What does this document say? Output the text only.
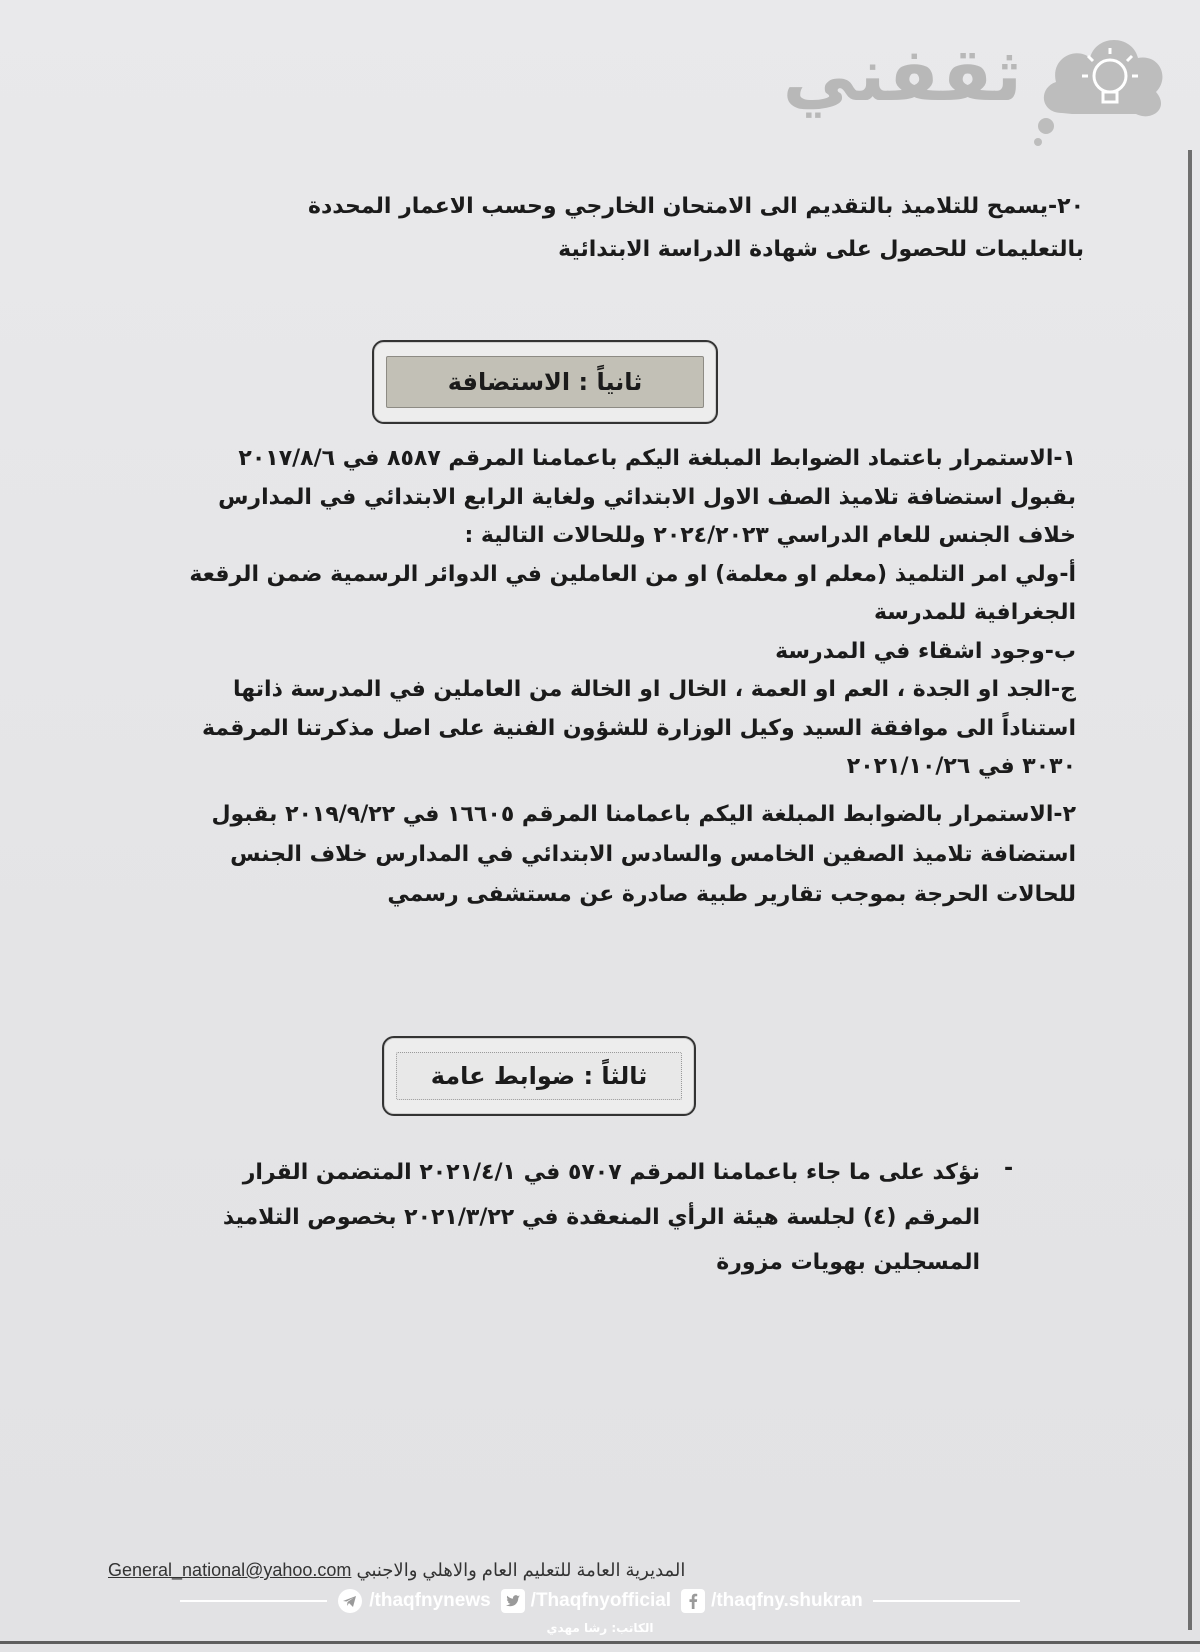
ثقفني
٢٠-يسمح للتلاميذ بالتقديم الى الامتحان الخارجي وحسب الاعمار المحددة
بالتعليمات للحصول على شهادة الدراسة الابتدائية
ثانياً : الاستضافة
١-الاستمرار باعتماد الضوابط المبلغة اليكم باعمامنا المرقم ٨٥٨٧ في ٢٠١٧/٨/٦
بقبول استضافة تلاميذ الصف الاول الابتدائي ولغاية الرابع الابتدائي في المدارس
خلاف الجنس للعام الدراسي ٢٠٢٤/٢٠٢٣ وللحالات التالية :
أ-ولي امر التلميذ (معلم او معلمة) او من العاملين في الدوائر الرسمية ضمن الرقعة
الجغرافية للمدرسة
ب-وجود اشقاء في المدرسة
ج-الجد او الجدة ، العم او العمة ، الخال او الخالة من العاملين في المدرسة ذاتها
استناداً الى موافقة السيد وكيل الوزارة للشؤون الفنية على اصل مذكرتنا المرقمة
٣٠٣٠ في ٢٠٢١/١٠/٢٦
٢-الاستمرار بالضوابط المبلغة اليكم باعمامنا المرقم ١٦٦٠٥ في ٢٠١٩/٩/٢٢ بقبول
استضافة تلاميذ الصفين الخامس والسادس الابتدائي في المدارس خلاف الجنس
للحالات الحرجة بموجب تقارير طبية صادرة عن مستشفى رسمي
ثالثاً : ضوابط عامة
-
نؤكد على ما جاء باعمامنا المرقم ٥٧٠٧ في ٢٠٢١/٤/١ المتضمن القرار
المرقم (٤) لجلسة هيئة الرأي المنعقدة في ٢٠٢١/٣/٢٢ بخصوص التلاميذ
المسجلين بهويات مزورة
المديرية العامة للتعليم العام والاهلي والاجنبي General_national@yahoo.com
/thaqfnynews /Thaqfnyofficial /thaqfny.shukran
الكاتب: رشا مهدي
